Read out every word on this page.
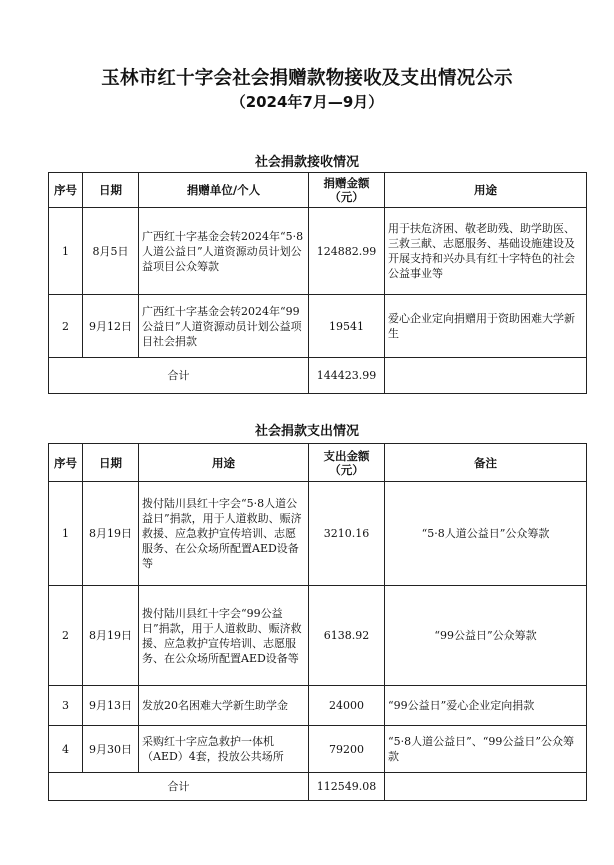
玉林市红十字会社会捐赠款物接收及支出情况公示
（2024年7月—9月）
社会捐款接收情况
序号	日期	捐赠单位/个人	捐赠金额（元）	用途
1	8月5日	广西红十字基金会转2024年“5·8人道公益日”人道资源动员计划公益项目公众筹款	124882.99	用于扶危济困、敬老助残、助学助医、三救三献、志愿服务、基础设施建设及开展支持和兴办具有红十字特色的社会公益事业等
2	9月12日	广西红十字基金会转2024年“99公益日”人道资源动员计划公益项目社会捐款	19541	爱心企业定向捐赠用于资助困难大学新生
合计			144423.99	
社会捐款支出情况
序号	日期	用途	支出金额（元）	备注
1	8月19日	拨付陆川县红十字会“5·8人道公益日”捐款，用于人道救助、赈济救援、应急救护宣传培训、志愿服务、在公众场所配置AED设备等	3210.16	“5·8人道公益日”公众筹款
2	8月19日	拨付陆川县红十字会“99公益日”捐款，用于人道救助、赈济救援、应急救护宣传培训、志愿服务、在公众场所配置AED设备等	6138.92	“99公益日”公众筹款
3	9月13日	发放20名困难大学新生助学金	24000	“99公益日”爱心企业定向捐款
4	9月30日	采购红十字应急救护一体机（AED）4套，投放公共场所	79200	“5·8人道公益日”、“99公益日”公众筹款
合计			112549.08	
